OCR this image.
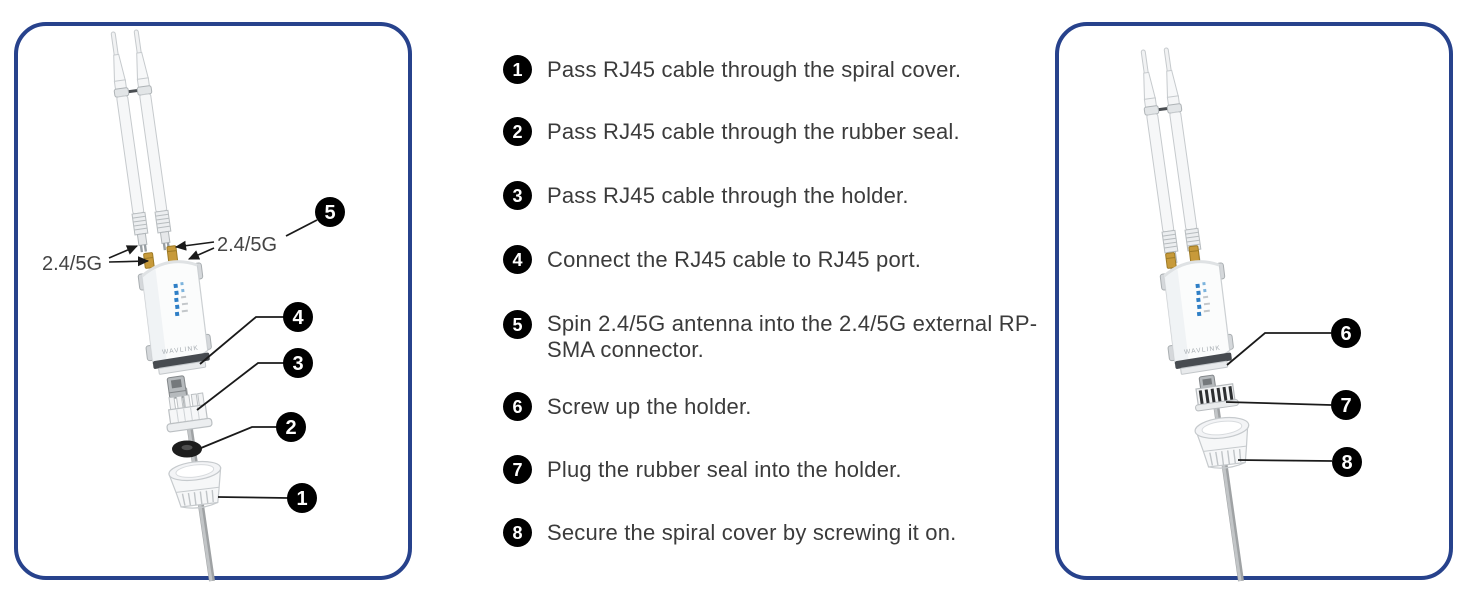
WAVLINK
2.4/5G
2.4/5G
5
4
3
2
1
WAVLINK
6
7
8
1	Pass RJ45 cable through the spiral cover.
2	Pass RJ45 cable through the rubber seal.
3	Pass RJ45 cable through the holder.
4	Connect the RJ45 cable to RJ45 port.
5	Spin 2.4/5G antenna into the 2.4/5G external RP-SMA connector.
6	Screw up the holder.
7	Plug the rubber seal into the holder.
8	Secure the spiral cover by screwing it on.
